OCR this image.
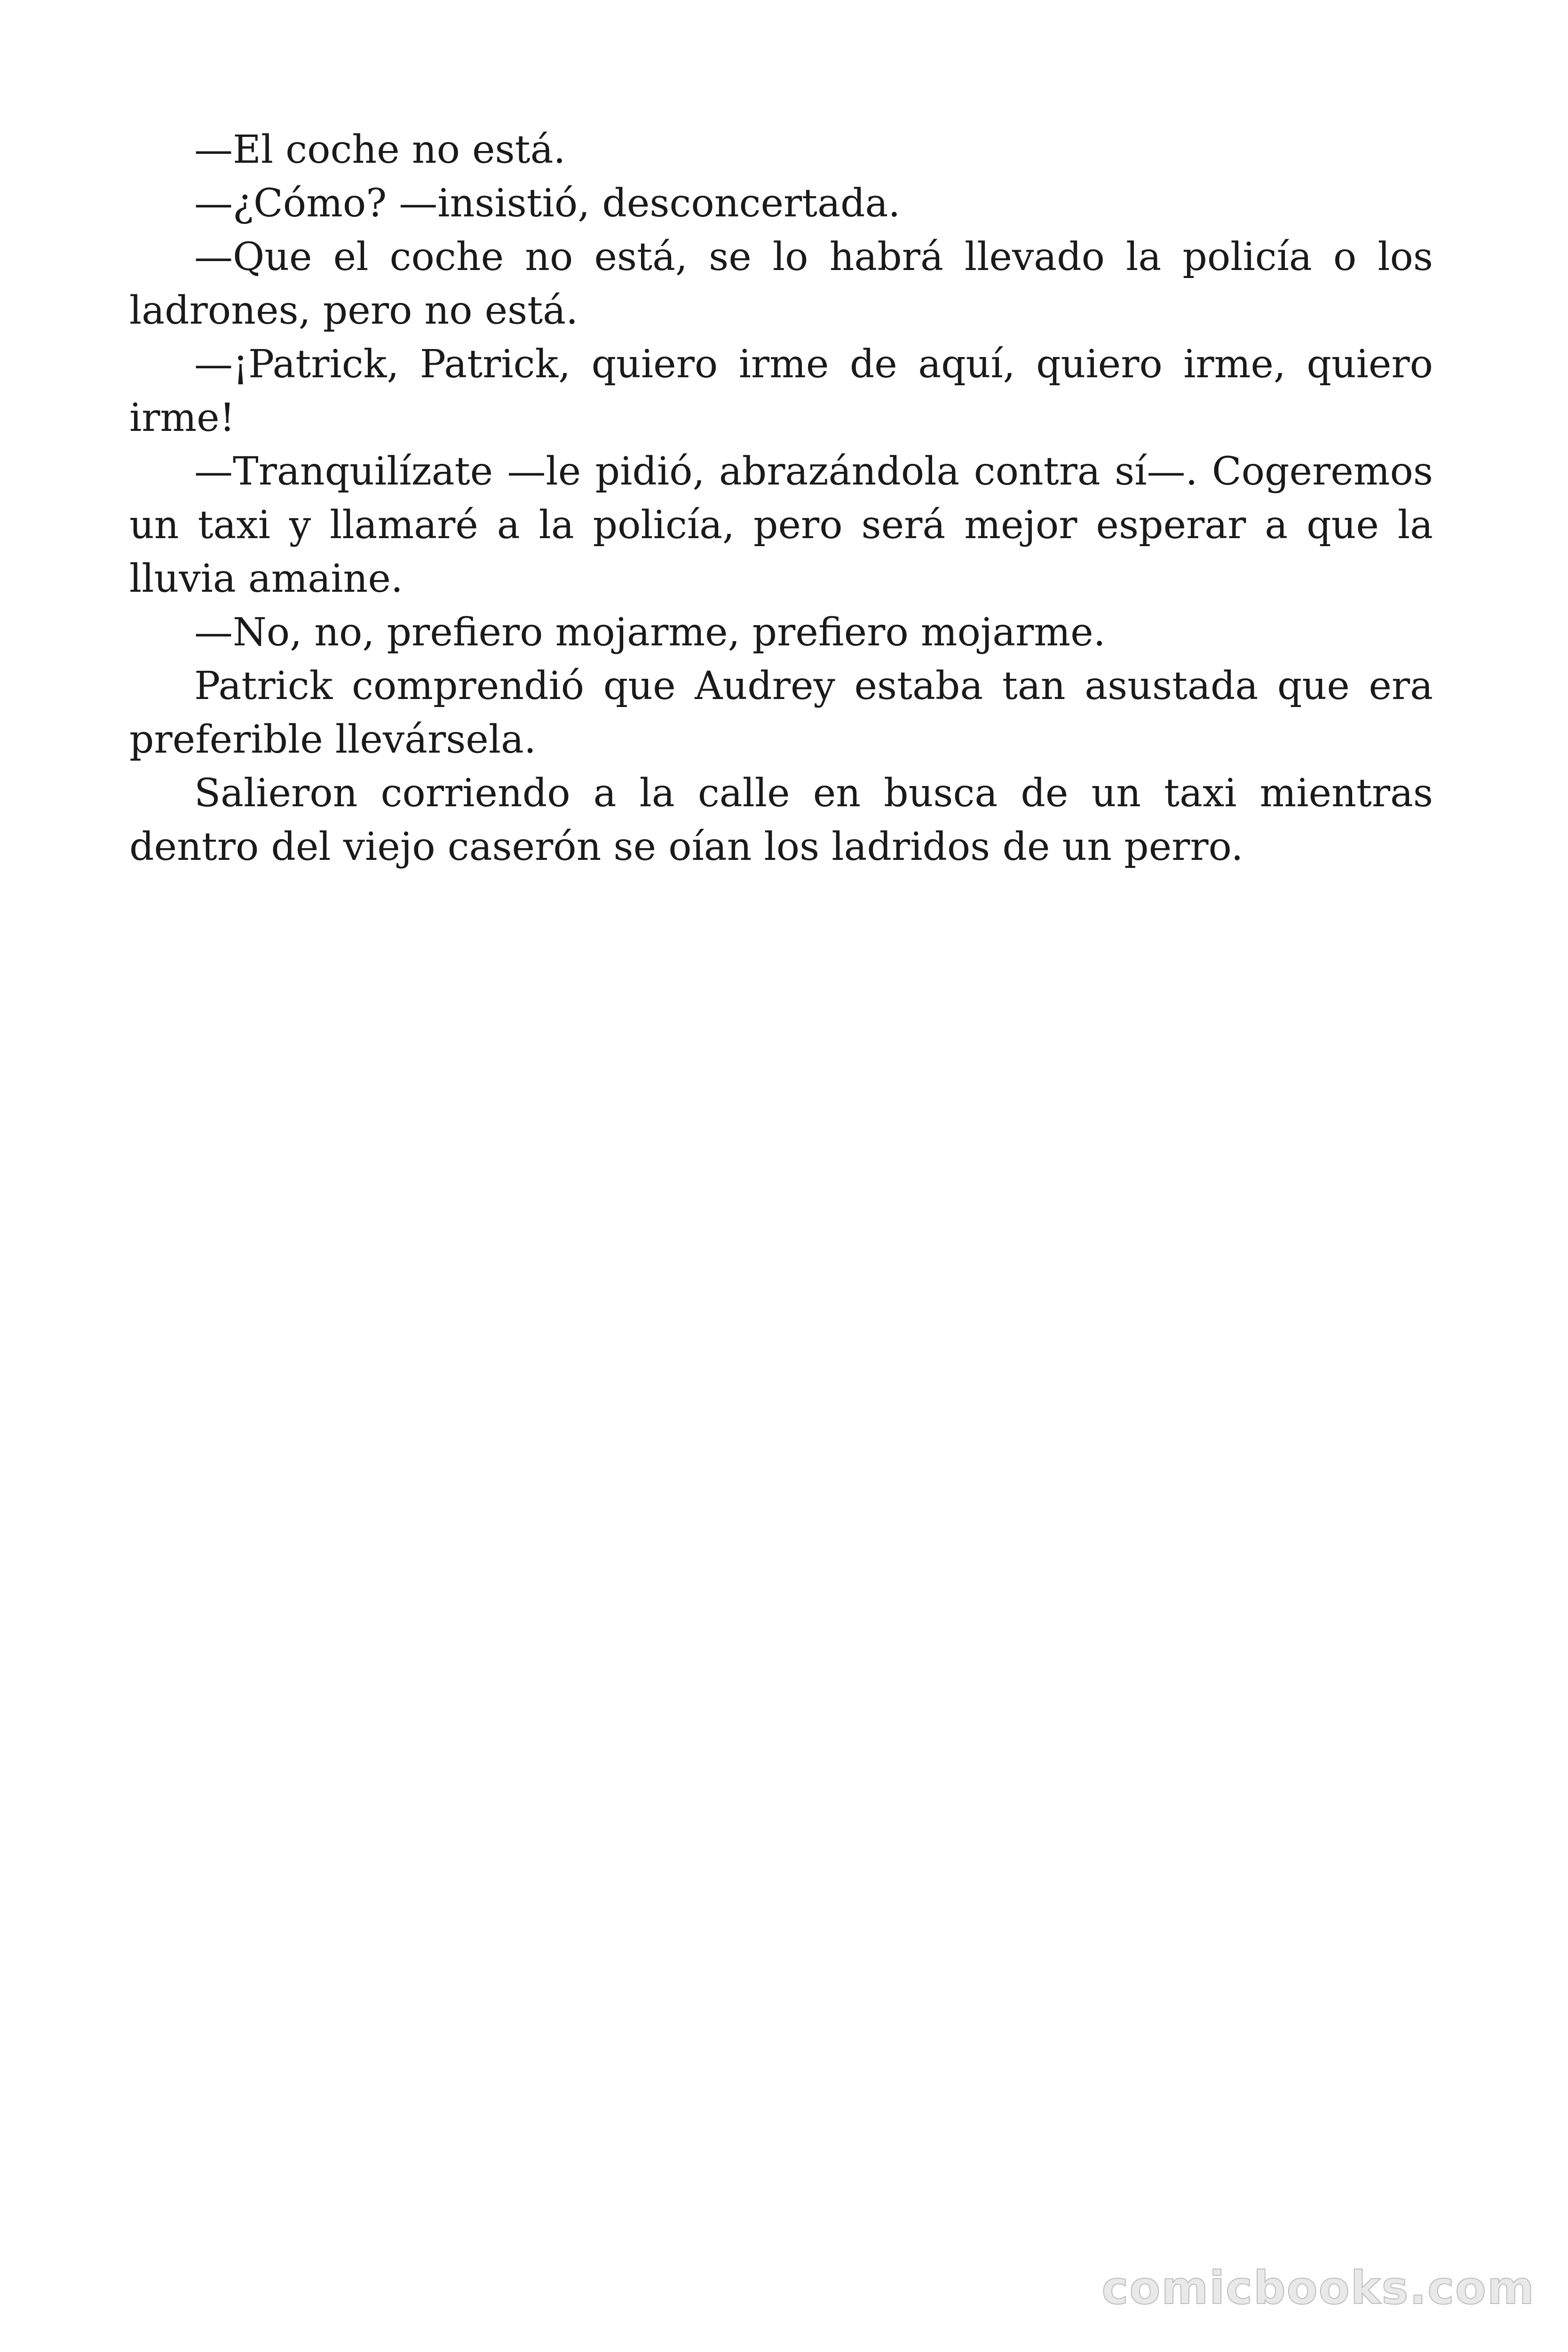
—El coche no está.

—¿Cómo? —insistió, desconcertada.

—Que el coche no está, se lo habrá llevado la policía o los ladrones, pero no está.

—¡Patrick, Patrick, quiero irme de aquí, quiero irme, quiero irme!

—Tranquilízate —le pidió, abrazándola contra sí—. Cogeremos un taxi y llamaré a la policía, pero será mejor esperar a que la lluvia amaine.

—No, no, prefiero mojarme, prefiero mojarme.

Patrick comprendió que Audrey estaba tan asustada que era preferible llevársela.

Salieron corriendo a la calle en busca de un taxi mientras dentro del viejo caserón se oían los ladridos de un perro.

comicbooks.com
